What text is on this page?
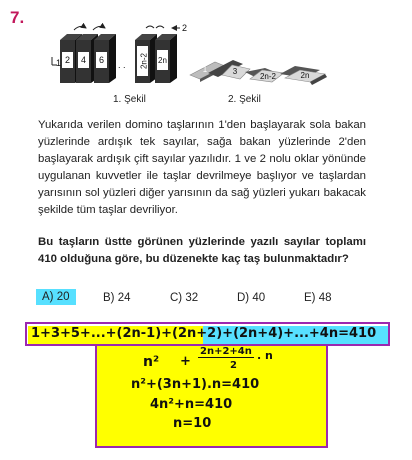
7.
2 4 6	2n-2 2n
. . .
1
2
1	3
2n-2	2n
1. Şekil	2. Şekil

Yukarıda verilen domino taşlarının 1'den başlayarak sola bakan yüzlerinde ardışık tek sayılar, sağa bakan yüzlerinde 2'den başlayarak ardışık çift sayılar yazılıdır. 1 ve 2 nolu oklar yönünde uygulanan kuvvetler ile taşlar devrilmeye başlıyor ve taşlardan yarısının sol yüzleri diğer yarısının da sağ yüzleri yukarı bakacak şekilde tüm taşlar devriliyor.

Bu taşların üstte görünen yüzlerinde yazılı sayılar toplamı 410 olduğuna göre, bu düzenekte kaç taş bulunmaktadır?

A) 20	B) 24	C) 32	D) 40	E) 48
1+3+5+...+(2n-1)+(2n+2)+(2n+4)+...+4n=410
n² +
2n+2+4n
2
. n
n²+(3n+1).n=410
4n²+n=410
n=10
